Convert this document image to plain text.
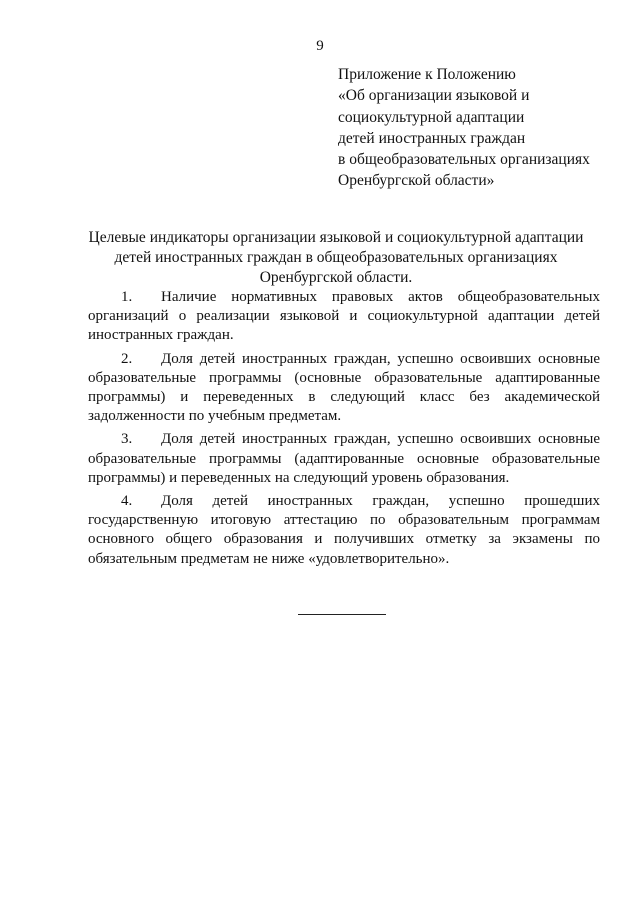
9
Приложение к Положению
«Об организации языковой и
социокультурной адаптации
детей иностранных граждан
в общеобразовательных организациях
Оренбургской области»
Целевые индикаторы организации языковой и социокультурной адаптации детей иностранных граждан в общеобразовательных организациях Оренбургской области.

1. Наличие нормативных правовых актов общеобразовательных организаций о реализации языковой и социокультурной адаптации детей иностранных граждан.

2. Доля детей иностранных граждан, успешно освоивших основные образовательные программы (основные образовательные адаптированные программы) и переведенных в следующий класс без академической задолженности по учебным предметам.

3. Доля детей иностранных граждан, успешно освоивших основные образовательные программы (адаптированные основные образовательные программы) и переведенных на следующий уровень образования.

4. Доля детей иностранных граждан, успешно прошедших государственную итоговую аттестацию по образовательным программам основного общего образования и получивших отметку за экзамены по обязательным предметам не ниже «удовлетворительно».
